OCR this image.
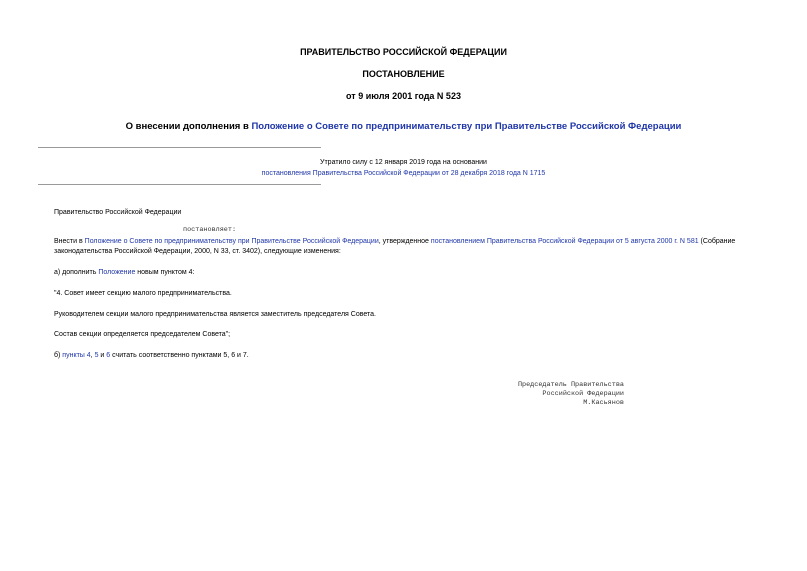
ПРАВИТЕЛЬСТВО РОССИЙСКОЙ ФЕДЕРАЦИИ
ПОСТАНОВЛЕНИЕ
от 9 июля 2001 года N 523
О внесении дополнения в Положение о Совете по предпринимательству при Правительстве Российской Федерации
Утратило силу с 12 января 2019 года на основании
постановления Правительства Российской Федерации от 28 декабря 2018 года N 1715
Правительство Российской Федерации
постановляет:
Внести в Положение о Совете по предпринимательству при Правительстве Российской Федерации, утвержденное постановлением Правительства Российской Федерации от 5 августа 2000 г. N 581 (Собрание
законодательства Российской Федерации, 2000, N 33, ст. 3402), следующие изменения:
а) дополнить Положение новым пунктом 4:
"4. Совет имеет секцию малого предпринимательства.
Руководителем секции малого предпринимательства является заместитель председателя Совета.
Состав секции определяется председателем Совета";
б) пункты 4, 5 и 6 считать соответственно пунктами 5, 6 и 7.
Председатель Правительства
Российской Федерации
М.Касьянов
